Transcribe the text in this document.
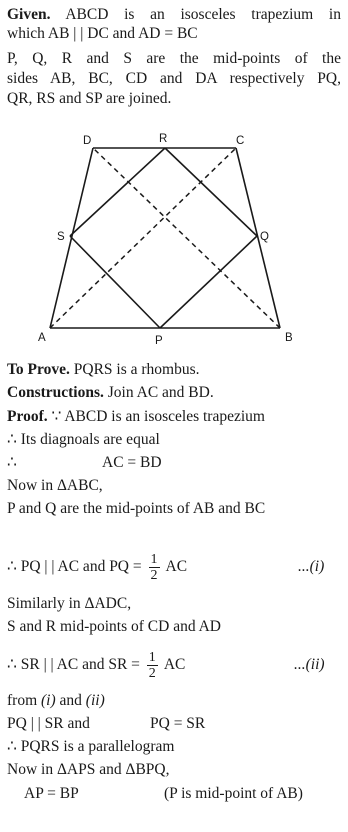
Given. ABCD is an isosceles trapezium in
which AB | | DC and AD = BC
P, Q, R and S are the mid-points of the
sides AB, BC, CD and DA respectively PQ,
QR, RS and SP are joined.
D	R	C
S	Q
A	P	B
To Prove. PQRS is a rhombus.
Constructions. Join AC and BD.
Proof. ∵ ABCD is an isosceles trapezium
∴ Its diagnoals are equal
∴	AC = BD
Now in ΔABC,
P and Q are the mid-points of AB and BC
∴ PQ | | AC and PQ = $\frac{1}{2}$ AC	...(i)
Similarly in ΔADC,
S and R mid-points of CD and AD
∴ SR | | AC and SR = $\frac{1}{2}$ AC	...(ii)
from (i) and (ii)
PQ | | SR and	PQ = SR
∴ PQRS is a parallelogram
Now in ΔAPS and ΔBPQ,
AP = BP	(P is mid-point of AB)
